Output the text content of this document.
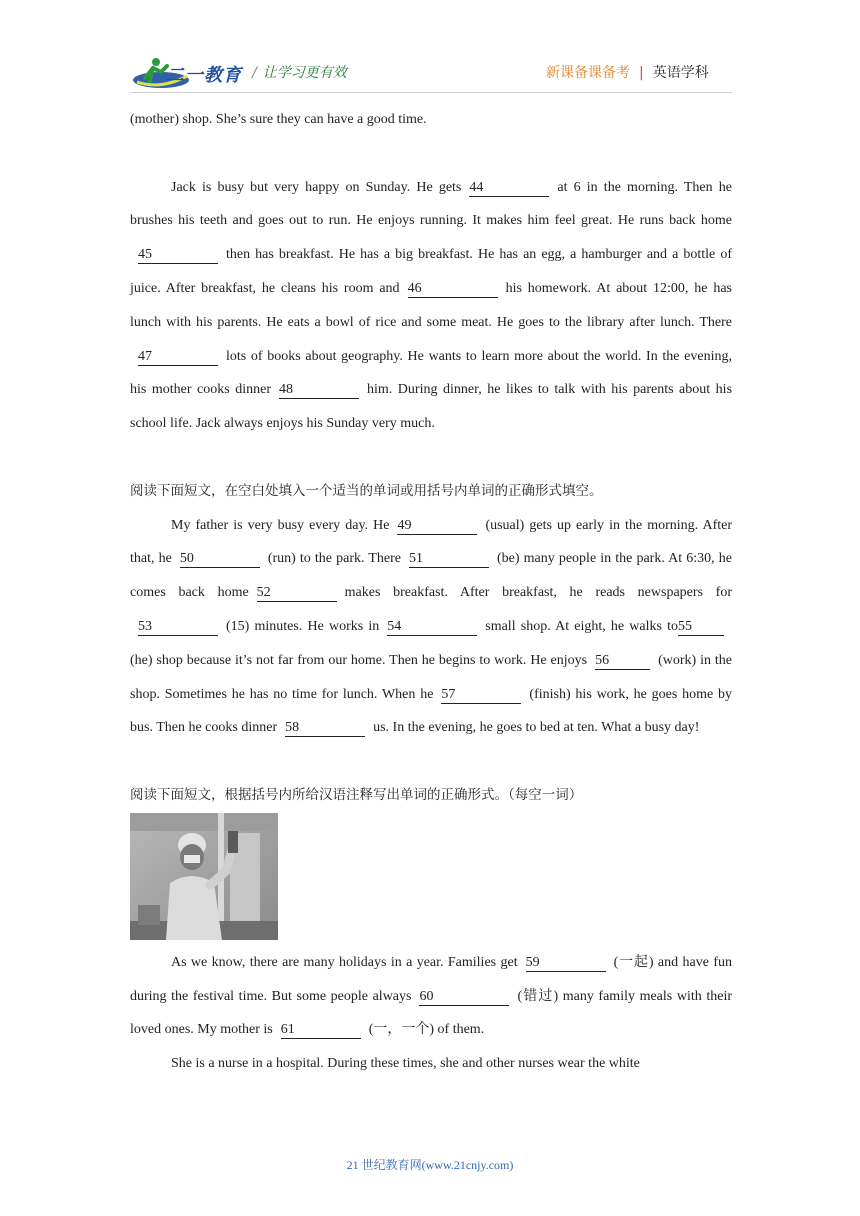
二一教育 / 让学习更有效	新课备课备考 | 英语学科

(mother) shop. She’s sure they can have a good time.

Jack is busy but very happy on Sunday. He gets 44	at 6 in the morning. Then he brushes his teeth and goes out to run. He enjoys running. It makes him feel great. He runs back home45	then has breakfast. He has a big breakfast. He has an egg, a hamburger and a bottle of juice. After breakfast, he cleans his room and 46	his homework. At about 12:00, he has lunch with his parents. He eats a bowl of rice and some meat. He goes to the library after lunch. There47	lots of books about geography. He wants to learn more about the world. In the evening, his mother cooks dinner 48	him. During dinner, he likes to talk with his parents about his school life. Jack always enjoys his Sunday very much.

阅读下面短文，在空白处填入一个适当的单词或用括号内单词的正确形式填空。

My father is very busy every day. He 49	(usual) gets up early in the morning. After that, he 50	(run) to the park. There 51	(be) many people in the park. At 6:30, he comes back home 52	makes breakfast. After breakfast, he reads newspapers for53	(15) minutes. He works in 54	small shop. At eight, he walks to55(he) shop because it’s not far from our home. Then he begins to work. He enjoys 56	(work) in the shop. Sometimes he has no time for lunch. When he 57	(finish) his work, he goes home by bus. Then he cooks dinner 58	us. In the evening, he goes to bed at ten. What a busy day!

阅读下面短文，根据括号内所给汉语注释写出单词的正确形式。（每空一词）

As we know, there are many holidays in a year. Families get 59	(一起) and have fun during the festival time. But some people always 60	(错过) many family meals with their loved ones. My mother is 61	(一，一个) of them.

She is a nurse in a hospital. During these times, she and other nurses wear the white

21 世纪教育网(www.21cnjy.com)
